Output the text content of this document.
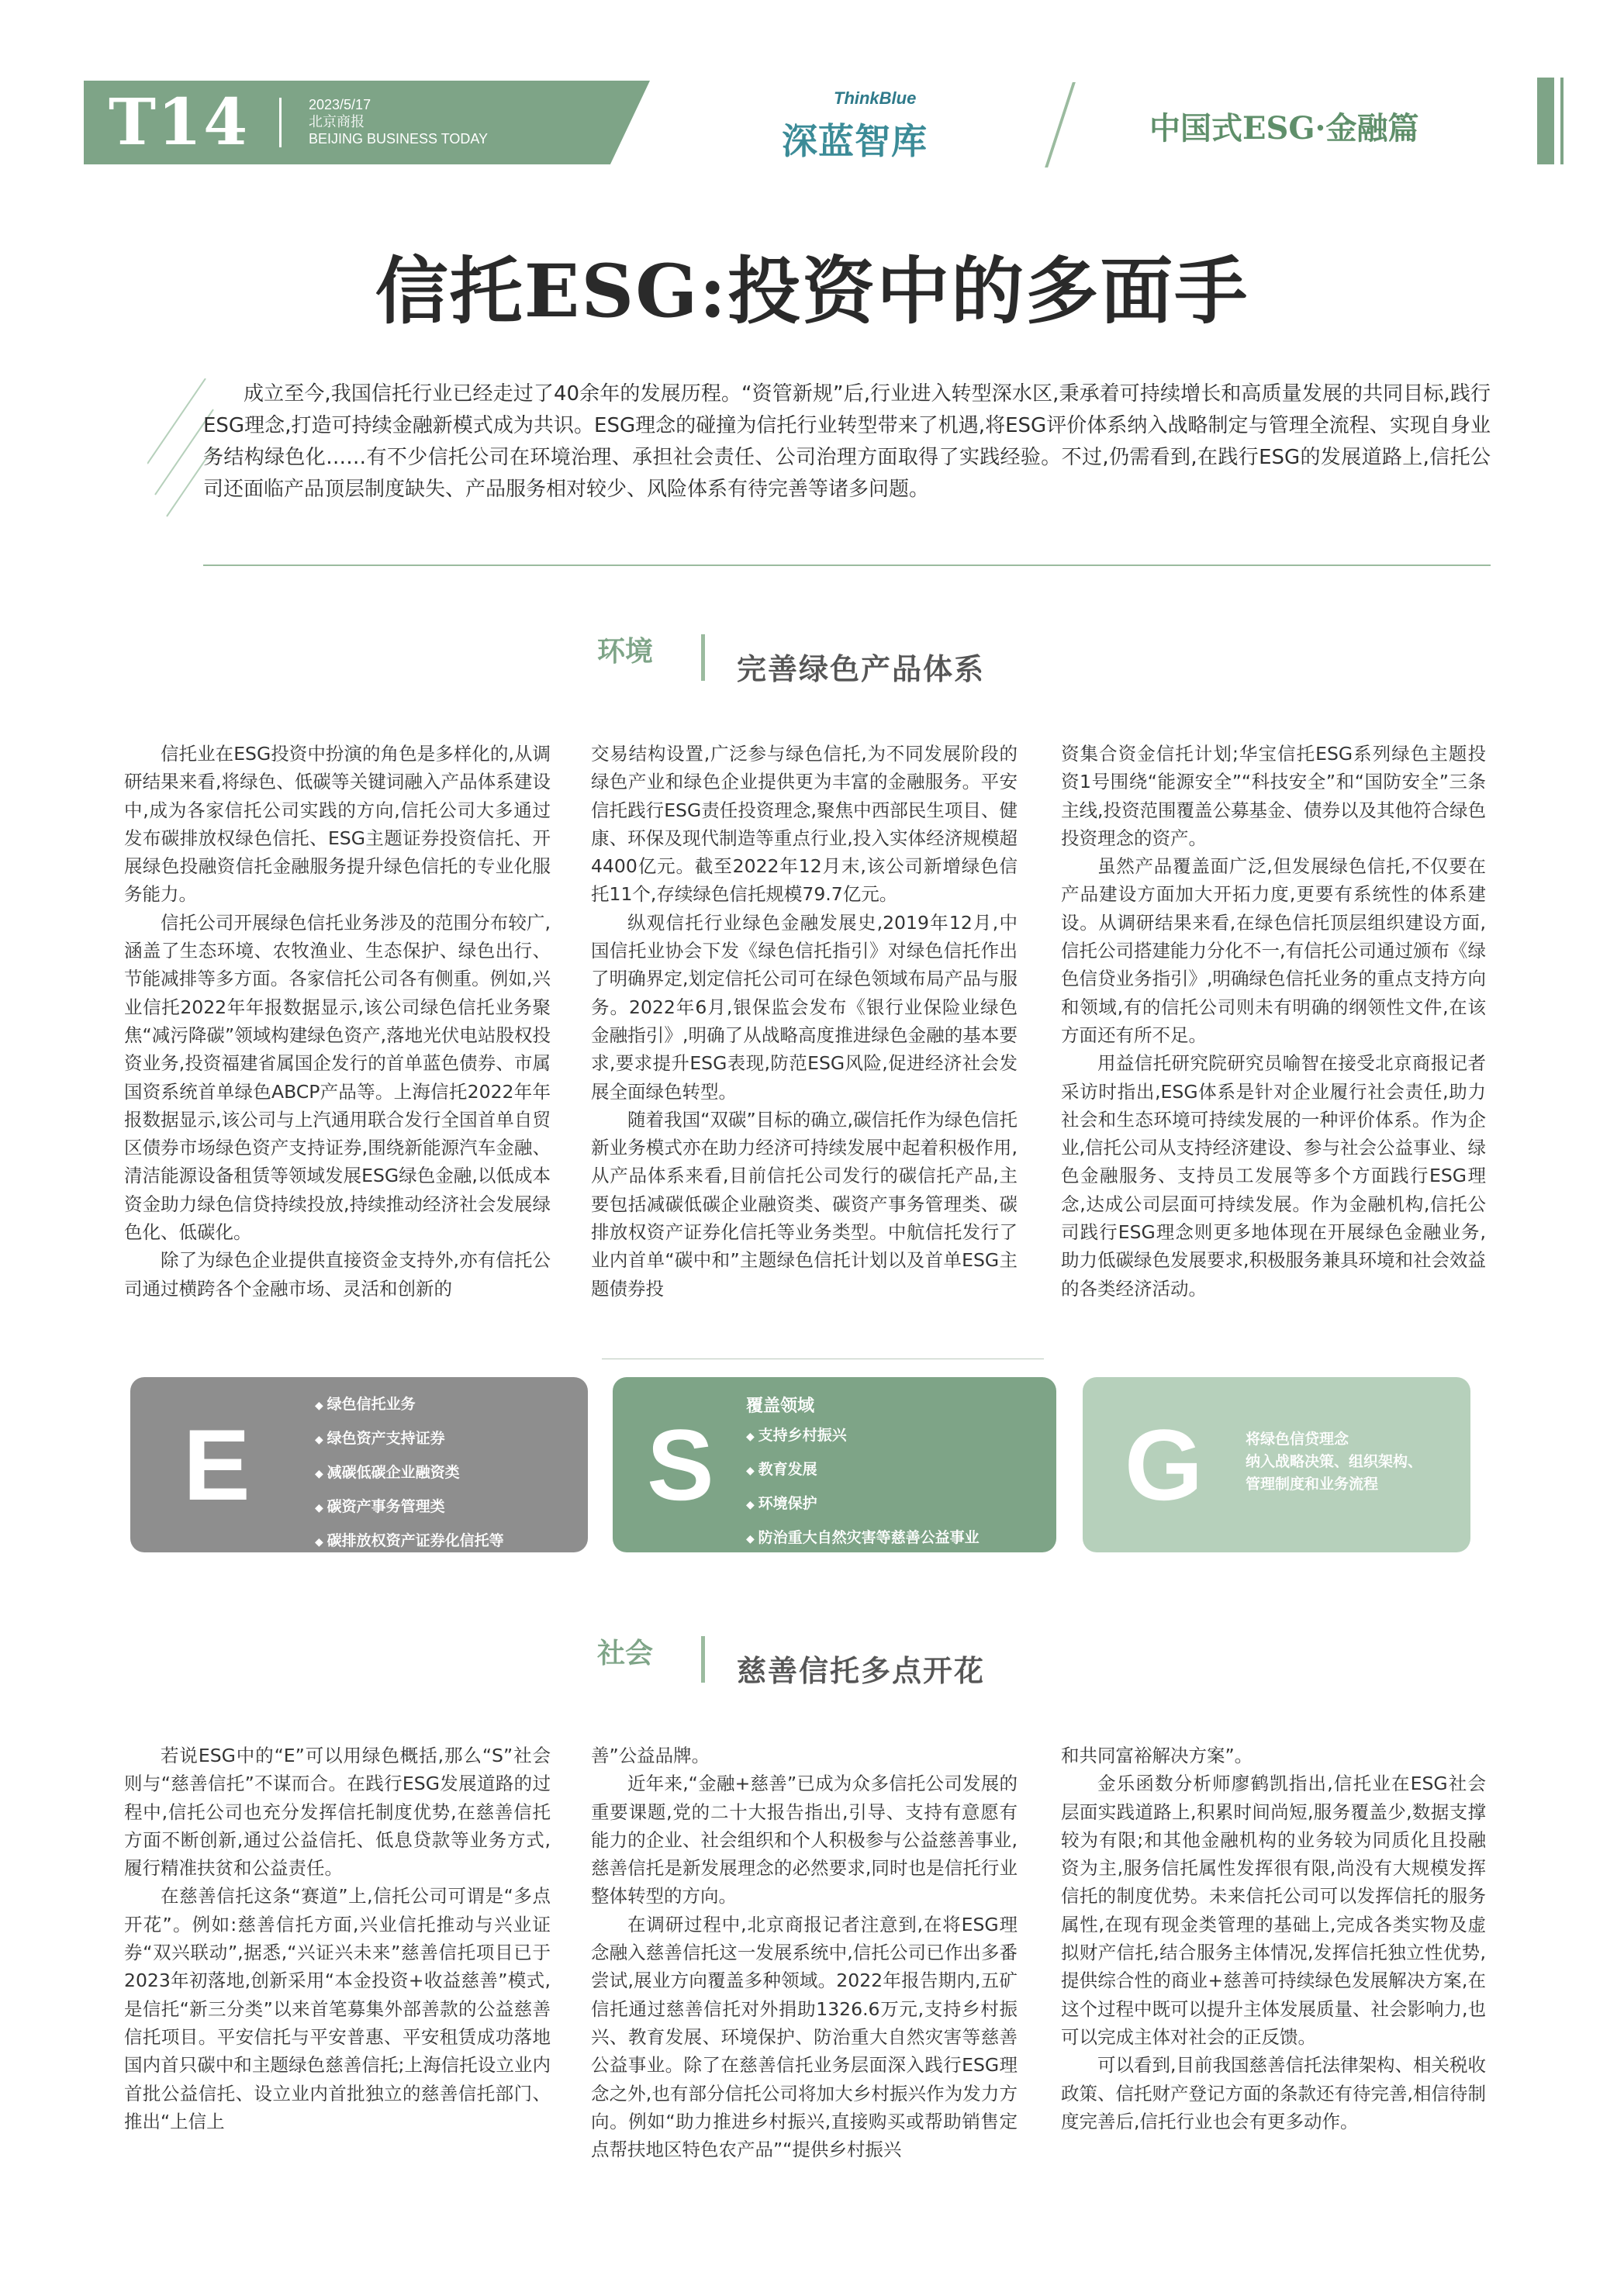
T14	2023/5/17
北京商报
BEIJING BUSINESS TODAY
ThinkBlue
深蓝智库	中国式ESG·金融篇
信托ESG:投资中的多面手

成立至今,我国信托行业已经走过了40余年的发展历程。“资管新规”后,行业进入转型深水区,秉承着可持续增长和高质量发展的共同目标,践行ESG理念,打造可持续金融新模式成为共识。ESG理念的碰撞为信托行业转型带来了机遇,将ESG评价体系纳入战略制定与管理全流程、实现自身业务结构绿色化……有不少信托公司在环境治理、承担社会责任、公司治理方面取得了实践经验。不过,仍需看到,在践行ESG的发展道路上,信托公司还面临产品顶层制度缺失、产品服务相对较少、风险体系有待完善等诸多问题。

环境	完善绿色产品体系

信托业在ESG投资中扮演的角色是多样化的,从调研结果来看,将绿色、低碳等关键词融入产品体系建设中,成为各家信托公司实践的方向,信托公司大多通过发布碳排放权绿色信托、ESG主题证券投资信托、开展绿色投融资信托金融服务提升绿色信托的专业化服务能力。

信托公司开展绿色信托业务涉及的范围分布较广,涵盖了生态环境、农牧渔业、生态保护、绿色出行、节能减排等多方面。各家信托公司各有侧重。例如,兴业信托2022年年报数据显示,该公司绿色信托业务聚焦“减污降碳”领域构建绿色资产,落地光伏电站股权投资业务,投资福建省属国企发行的首单蓝色债券、市属国资系统首单绿色ABCP产品等。上海信托2022年年报数据显示,该公司与上汽通用联合发行全国首单自贸区债券市场绿色资产支持证券,围绕新能源汽车金融、清洁能源设备租赁等领域发展ESG绿色金融,以低成本资金助力绿色信贷持续投放,持续推动经济社会发展绿色化、低碳化。

除了为绿色企业提供直接资金支持外,亦有信托公司通过横跨各个金融市场、灵活和创新的

交易结构设置,广泛参与绿色信托,为不同发展阶段的绿色产业和绿色企业提供更为丰富的金融服务。平安信托践行ESG责任投资理念,聚焦中西部民生项目、健康、环保及现代制造等重点行业,投入实体经济规模超4400亿元。截至2022年12月末,该公司新增绿色信托11个,存续绿色信托规模79.7亿元。

纵观信托行业绿色金融发展史,2019年12月,中国信托业协会下发《绿色信托指引》对绿色信托作出了明确界定,划定信托公司可在绿色领域布局产品与服务。2022年6月,银保监会发布《银行业保险业绿色金融指引》,明确了从战略高度推进绿色金融的基本要求,要求提升ESG表现,防范ESG风险,促进经济社会发展全面绿色转型。

随着我国“双碳”目标的确立,碳信托作为绿色信托新业务模式亦在助力经济可持续发展中起着积极作用,从产品体系来看,目前信托公司发行的碳信托产品,主要包括减碳低碳企业融资类、碳资产事务管理类、碳排放权资产证券化信托等业务类型。中航信托发行了业内首单“碳中和”主题绿色信托计划以及首单ESG主题债券投

资集合资金信托计划;华宝信托ESG系列绿色主题投资1号围绕“能源安全”“科技安全”和“国防安全”三条主线,投资范围覆盖公募基金、债券以及其他符合绿色投资理念的资产。

虽然产品覆盖面广泛,但发展绿色信托,不仅要在产品建设方面加大开拓力度,更要有系统性的体系建设。从调研结果来看,在绿色信托顶层组织建设方面,信托公司搭建能力分化不一,有信托公司通过颁布《绿色信贷业务指引》,明确绿色信托业务的重点支持方向和领域,有的信托公司则未有明确的纲领性文件,在该方面还有所不足。

用益信托研究院研究员喻智在接受北京商报记者采访时指出,ESG体系是针对企业履行社会责任,助力社会和生态环境可持续发展的一种评价体系。作为企业,信托公司从支持经济建设、参与社会公益事业、绿色金融服务、支持员工发展等多个方面践行ESG理念,达成公司层面可持续发展。作为金融机构,信托公司践行ESG理念则更多地体现在开展绿色金融业务,助力低碳绿色发展要求,积极服务兼具环境和社会效益的各类经济活动。

E
◆ 绿色信托业务
◆ 绿色资产支持证券
◆ 减碳低碳企业融资类
◆ 碳资产事务管理类
◆ 碳排放权资产证券化信托等
S
覆盖领域
◆ 支持乡村振兴
◆ 教育发展
◆ 环境保护
◆ 防治重大自然灾害等慈善公益事业
G	将绿色信贷理念
纳入战略决策、组织架构、
管理制度和业务流程
社会	慈善信托多点开花

若说ESG中的“E”可以用绿色概括,那么“S”社会则与“慈善信托”不谋而合。在践行ESG发展道路的过程中,信托公司也充分发挥信托制度优势,在慈善信托方面不断创新,通过公益信托、低息贷款等业务方式,履行精准扶贫和公益责任。

在慈善信托这条“赛道”上,信托公司可谓是“多点开花”。例如:慈善信托方面,兴业信托推动与兴业证券“双兴联动”,据悉,“兴证兴未来”慈善信托项目已于2023年初落地,创新采用“本金投资+收益慈善”模式,是信托“新三分类”以来首笔募集外部善款的公益慈善信托项目。平安信托与平安普惠、平安租赁成功落地国内首只碳中和主题绿色慈善信托;上海信托设立业内首批公益信托、设立业内首批独立的慈善信托部门、推出“上信上

善”公益品牌。

近年来,“金融+慈善”已成为众多信托公司发展的重要课题,党的二十大报告指出,引导、支持有意愿有能力的企业、社会组织和个人积极参与公益慈善事业,慈善信托是新发展理念的必然要求,同时也是信托行业整体转型的方向。

在调研过程中,北京商报记者注意到,在将ESG理念融入慈善信托这一发展系统中,信托公司已作出多番尝试,展业方向覆盖多种领域。2022年报告期内,五矿信托通过慈善信托对外捐助1326.6万元,支持乡村振兴、教育发展、环境保护、防治重大自然灾害等慈善公益事业。除了在慈善信托业务层面深入践行ESG理念之外,也有部分信托公司将加大乡村振兴作为发力方向。例如“助力推进乡村振兴,直接购买或帮助销售定点帮扶地区特色农产品”“提供乡村振兴

和共同富裕解决方案”。

金乐函数分析师廖鹤凯指出,信托业在ESG社会层面实践道路上,积累时间尚短,服务覆盖少,数据支撑较为有限;和其他金融机构的业务较为同质化且投融资为主,服务信托属性发挥很有限,尚没有大规模发挥信托的制度优势。未来信托公司可以发挥信托的服务属性,在现有现金类管理的基础上,完成各类实物及虚拟财产信托,结合服务主体情况,发挥信托独立性优势,提供综合性的商业+慈善可持续绿色发展解决方案,在这个过程中既可以提升主体发展质量、社会影响力,也可以完成主体对社会的正反馈。

可以看到,目前我国慈善信托法律架构、相关税收政策、信托财产登记方面的条款还有待完善,相信待制度完善后,信托行业也会有更多动作。
